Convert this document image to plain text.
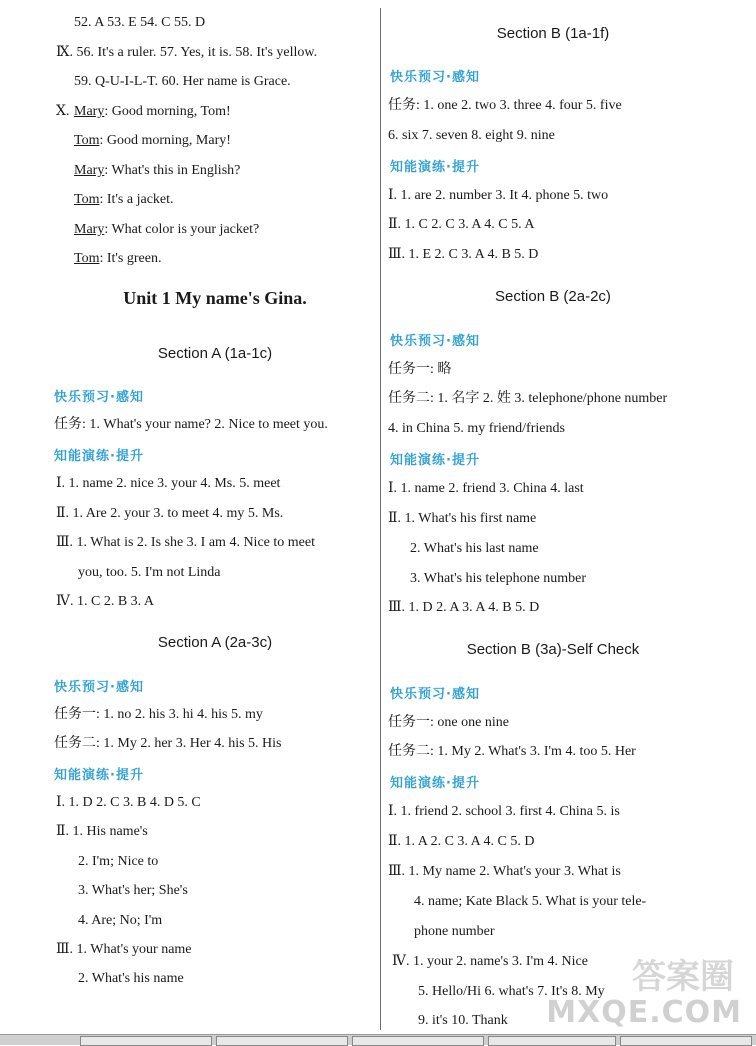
52. A 53. E 54. C 55. D
Ⅸ. 56. It's a ruler. 57. Yes, it is. 58. It's yellow.
59. Q-U-I-L-T. 60. Her name is Grace.
Ⅹ. Mary: Good morning, Tom!
Tom: Good morning, Mary!
Mary: What's this in English?
Tom: It's a jacket.
Mary: What color is your jacket?
Tom: It's green.
Unit 1 My name's Gina.
Section A (1a-1c)
快乐预习·感知
任务: 1. What's your name? 2. Nice to meet you.
知能演练·提升
Ⅰ. 1. name 2. nice 3. your 4. Ms. 5. meet
Ⅱ. 1. Are 2. your 3. to meet 4. my 5. Ms.
Ⅲ. 1. What is 2. Is she 3. I am 4. Nice to meet
you, too. 5. I'm not Linda
Ⅳ. 1. C 2. B 3. A
Section A (2a-3c)
快乐预习·感知
任务一: 1. no 2. his 3. hi 4. his 5. my
任务二: 1. My 2. her 3. Her 4. his 5. His
知能演练·提升
Ⅰ. 1. D 2. C 3. B 4. D 5. C
Ⅱ. 1. His name's
2. I'm; Nice to
3. What's her; She's
4. Are; No; I'm
Ⅲ. 1. What's your name
2. What's his name
Section B (1a-1f)
快乐预习·感知
任务: 1. one 2. two 3. three 4. four 5. five
6. six 7. seven 8. eight 9. nine
知能演练·提升
Ⅰ. 1. are 2. number 3. It 4. phone 5. two
Ⅱ. 1. C 2. C 3. A 4. C 5. A
Ⅲ. 1. E 2. C 3. A 4. B 5. D
Section B (2a-2c)
快乐预习·感知
任务一: 略
任务二: 1. 名字 2. 姓 3. telephone/phone number
4. in China 5. my friend/friends
知能演练·提升
Ⅰ. 1. name 2. friend 3. China 4. last
Ⅱ. 1. What's his first name
2. What's his last name
3. What's his telephone number
Ⅲ. 1. D 2. A 3. A 4. B 5. D
Section B (3a)-Self Check
快乐预习·感知
任务一: one one nine
任务二: 1. My 2. What's 3. I'm 4. too 5. Her
知能演练·提升
Ⅰ. 1. friend 2. school 3. first 4. China 5. is
Ⅱ. 1. A 2. C 3. A 4. C 5. D
Ⅲ. 1. My name 2. What's your 3. What is
4. name; Kate Black 5. What is your tele-
phone number
Ⅳ. 1. your 2. name's 3. I'm 4. Nice
5. Hello/Hi 6. what's 7. It's 8. My
9. it's 10. Thank
答案圈
MXQE.COM
